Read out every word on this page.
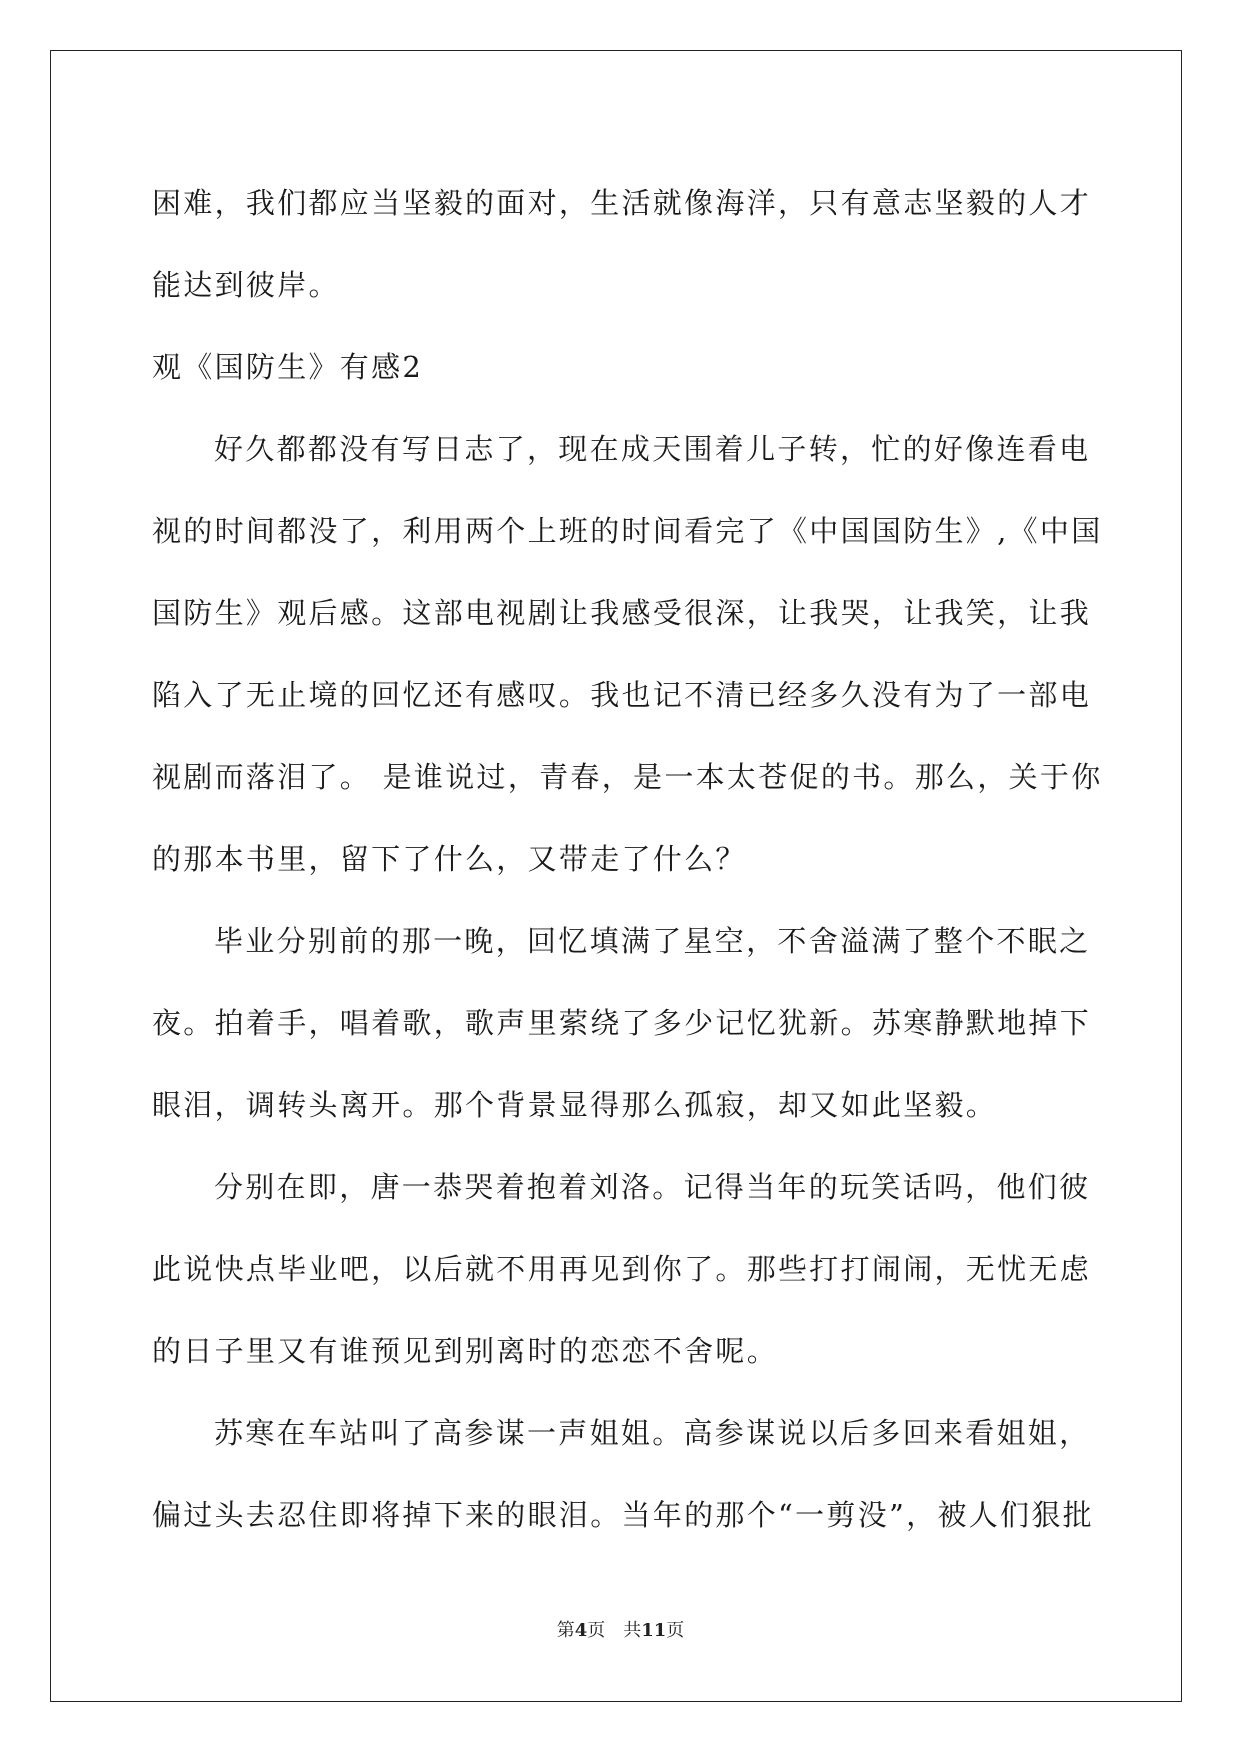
困难，我们都应当坚毅的面对，生活就像海洋，只有意志坚毅的人才
能达到彼岸。
观《国防生》有感2
好久都都没有写日志了，现在成天围着儿子转，忙的好像连看电
视的时间都没了，利用两个上班的时间看完了《中国国防生》,《中国
国防生》观后感。这部电视剧让我感受很深，让我哭，让我笑，让我
陷入了无止境的回忆还有感叹。我也记不清已经多久没有为了一部电
视剧而落泪了。 是谁说过，青春，是一本太苍促的书。那么，关于你
的那本书里，留下了什么，又带走了什么？
毕业分别前的那一晚，回忆填满了星空，不舍溢满了整个不眠之
夜。拍着手，唱着歌，歌声里萦绕了多少记忆犹新。苏寒静默地掉下
眼泪，调转头离开。那个背景显得那么孤寂，却又如此坚毅。
分别在即，唐一恭哭着抱着刘洛。记得当年的玩笑话吗，他们彼
此说快点毕业吧，以后就不用再见到你了。那些打打闹闹，无忧无虑
的日子里又有谁预见到别离时的恋恋不舍呢。
苏寒在车站叫了高参谋一声姐姐。高参谋说以后多回来看姐姐，
偏过头去忍住即将掉下来的眼泪。当年的那个“一剪没”，被人们狠批
第4页 共11页
